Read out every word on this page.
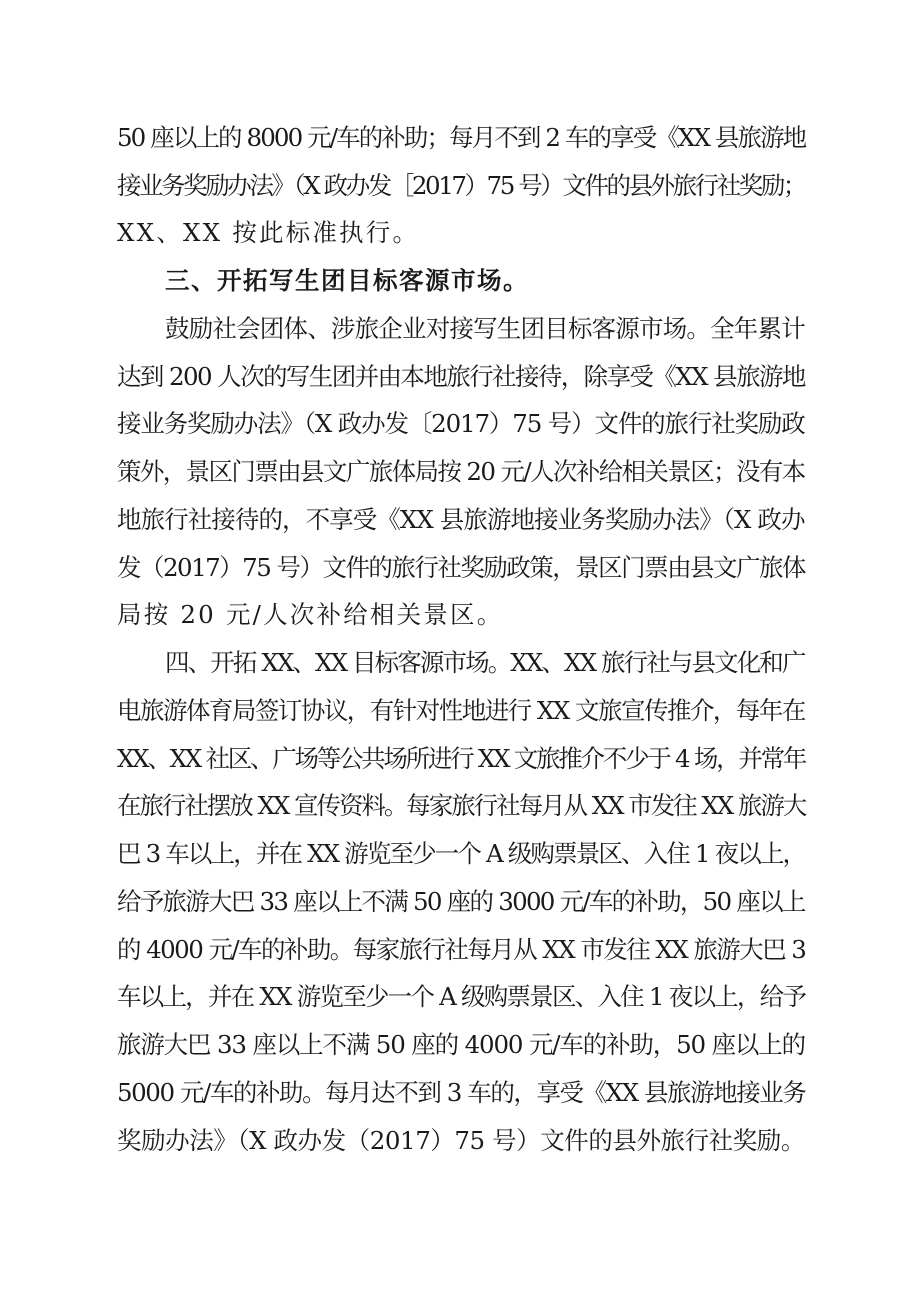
50 座以上的 8000 元/车的补助；每月不到 2 车的享受《XX 县旅游地
接业务奖励办法》（X 政办发［2017）75 号）文件的县外旅行社奖励；
XX、XX 按此标准执行。
三、开拓写生团目标客源市场。
鼓励社会团体、涉旅企业对接写生团目标客源市场。全年累计
达到 200 人次的写生团并由本地旅行社接待，除享受《XX 县旅游地
接业务奖励办法》（X 政办发〔2017）75 号）文件的旅行社奖励政
策外，景区门票由县文广旅体局按 20 元/人次补给相关景区；没有本
地旅行社接待的，不享受《XX 县旅游地接业务奖励办法》（X 政办
发（2017）75 号）文件的旅行社奖励政策，景区门票由县文广旅体
局按 20 元/人次补给相关景区。
四、开拓 XX、XX 目标客源市场。XX、XX 旅行社与县文化和广
电旅游体育局签订协议，有针对性地进行 XX 文旅宣传推介，每年在
XX、XX 社区、广场等公共场所进行 XX 文旅推介不少于 4 场，并常年
在旅行社摆放 XX 宣传资料。每家旅行社每月从 XX 市发往 XX 旅游大
巴 3 车以上，并在 XX 游览至少一个 A 级购票景区、入住 1 夜以上，
给予旅游大巴 33 座以上不满 50 座的 3000 元/车的补助，50 座以上
的 4000 元/车的补助。每家旅行社每月从 XX 市发往 XX 旅游大巴 3
车以上，并在 XX 游览至少一个 A 级购票景区、入住 1 夜以上，给予
旅游大巴 33 座以上不满 50 座的 4000 元/车的补助，50 座以上的
5000 元/车的补助。每月达不到 3 车的，享受《XX 县旅游地接业务
奖励办法》（X 政办发（2017）75 号）文件的县外旅行社奖励。
